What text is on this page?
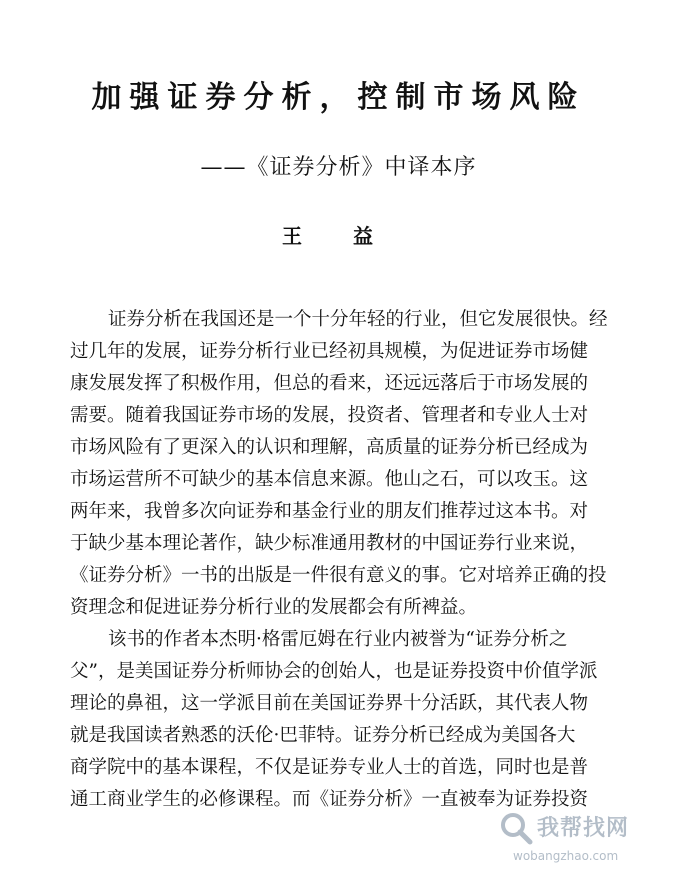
加强证券分析，控制市场风险
——《证券分析》中译本序
王 益
证券分析在我国还是一个十分年轻的行业，但它发展很快。经
过几年的发展，证券分析行业已经初具规模，为促进证券市场健
康发展发挥了积极作用，但总的看来，还远远落后于市场发展的
需要。随着我国证券市场的发展，投资者、管理者和专业人士对
市场风险有了更深入的认识和理解，高质量的证券分析已经成为
市场运营所不可缺少的基本信息来源。他山之石，可以攻玉。这
两年来，我曾多次向证券和基金行业的朋友们推荐过这本书。对
于缺少基本理论著作，缺少标准通用教材的中国证券行业来说，
《证券分析》一书的出版是一件很有意义的事。它对培养正确的投
资理念和促进证券分析行业的发展都会有所裨益。
该书的作者本杰明·格雷厄姆在行业内被誉为“证券分析之
父”，是美国证券分析师协会的创始人，也是证券投资中价值学派
理论的鼻祖，这一学派目前在美国证券界十分活跃，其代表人物
就是我国读者熟悉的沃伦·巴菲特。证券分析已经成为美国各大
商学院中的基本课程，不仅是证券专业人士的首选，同时也是普
通工商业学生的必修课程。而《证券分析》一直被奉为证券投资
我帮找网
wobangzhao.com
